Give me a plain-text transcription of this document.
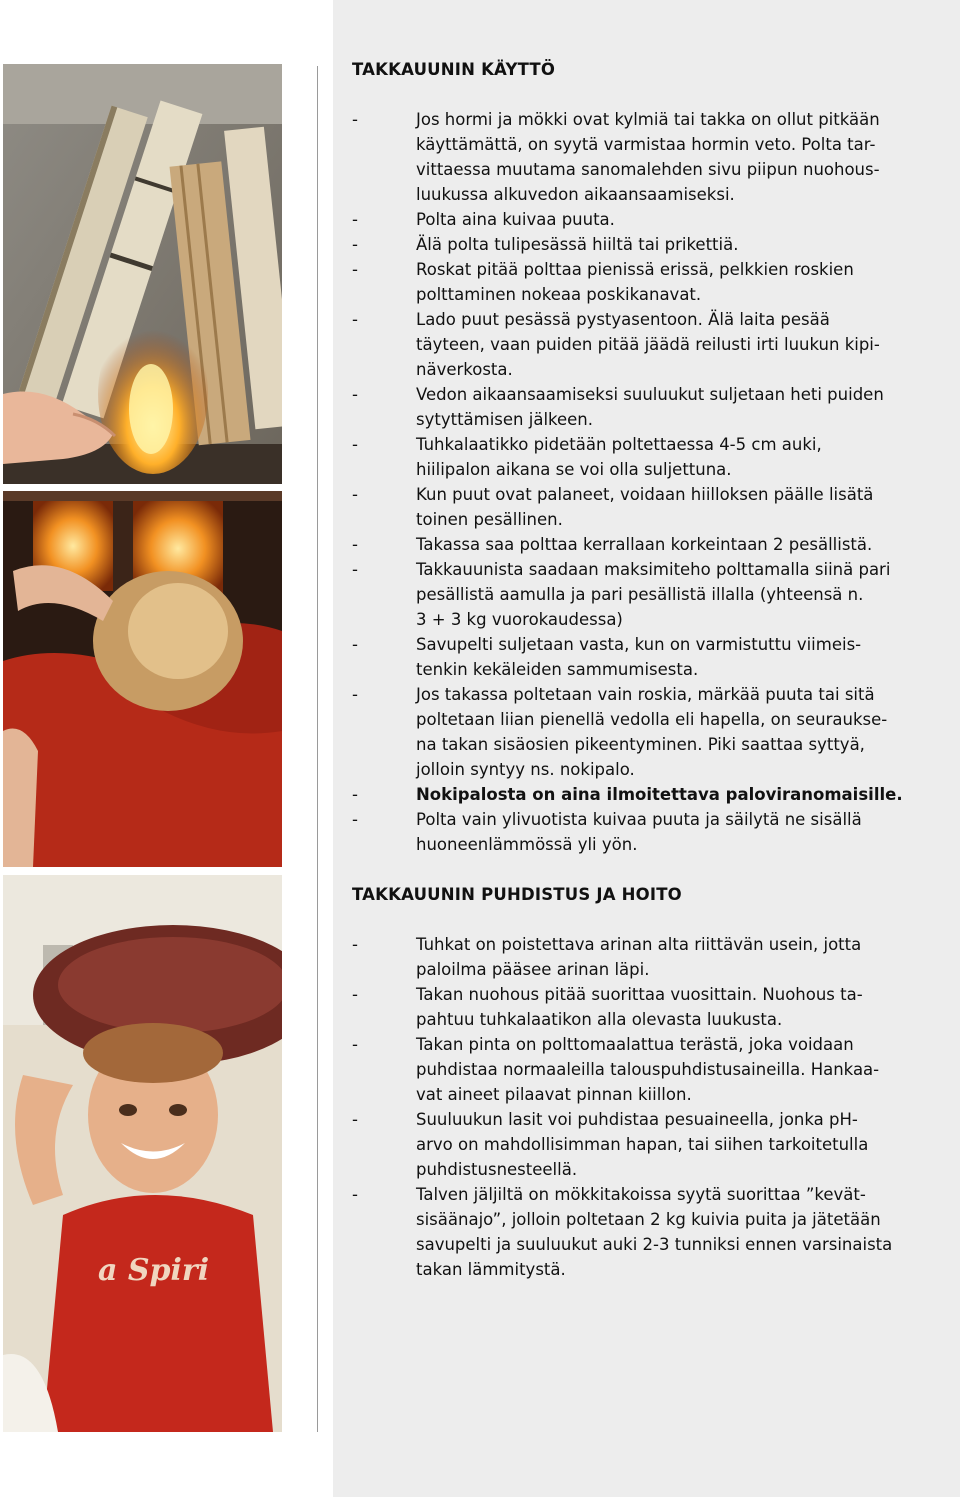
a Spiri
TAKKAUUNIN KÄYTTÖ
-	Jos hormi ja mökki ovat kylmiä tai takka on ollut pitkään
käyttämättä, on syytä varmistaa hormin veto. Polta tar-
vittaessa muutama sanomalehden sivu piipun nuohous-
luukussa alkuvedon aikaansaamiseksi.
-	Polta aina kuivaa puuta.
-	Älä polta tulipesässä hiiltä tai prikettiä.
-	Roskat pitää polttaa pienissä erissä, pelkkien roskien
polttaminen nokeaa poskikanavat.
-	Lado puut pesässä pystyasentoon. Älä laita pesää
täyteen, vaan puiden pitää jäädä reilusti irti luukun kipi-
näverkosta.
-	Vedon aikaansaamiseksi suuluukut suljetaan heti puiden
sytyttämisen jälkeen.
-	Tuhkalaatikko pidetään poltettaessa 4-5 cm auki,
hiilipalon aikana se voi olla suljettuna.
-	Kun puut ovat palaneet, voidaan hiilloksen päälle lisätä
toinen pesällinen.
-	Takassa saa polttaa kerrallaan korkeintaan 2 pesällistä.
-	Takkauunista saadaan maksimiteho polttamalla siinä pari
pesällistä aamulla ja pari pesällistä illalla (yhteensä n.
3 + 3 kg vuorokaudessa)
-	Savupelti suljetaan vasta, kun on varmistuttu viimeis-
tenkin kekäleiden sammumisesta.
-	Jos takassa poltetaan vain roskia, märkää puuta tai sitä
poltetaan liian pienellä vedolla eli hapella, on seuraukse-
na takan sisäosien pikeentyminen. Piki saattaa syttyä,
jolloin syntyy ns. nokipalo.
-	Nokipalosta on aina ilmoitettava paloviranomaisille.
-	Polta vain ylivuotista kuivaa puuta ja säilytä ne sisällä
huoneenlämmössä yli yön.
TAKKAUUNIN PUHDISTUS JA HOITO
-	Tuhkat on poistettava arinan alta riittävän usein, jotta
paloilma pääsee arinan läpi.
-	Takan nuohous pitää suorittaa vuosittain. Nuohous ta-
pahtuu tuhkalaatikon alla olevasta luukusta.
-	Takan pinta on polttomaalattua terästä, joka voidaan
puhdistaa normaaleilla talouspuhdistusaineilla. Hankaa-
vat aineet pilaavat pinnan kiillon.
-	Suuluukun lasit voi puhdistaa pesuaineella, jonka pH-
arvo on mahdollisimman hapan, tai siihen tarkoitetulla
puhdistusnesteellä.
-	Talven jäljiltä on mökkitakoissa syytä suorittaa ”kevät-
sisäänajo”, jolloin poltetaan 2 kg kuivia puita ja jätetään
savupelti ja suuluukut auki 2-3 tunniksi ennen varsinaista
takan lämmitystä.
